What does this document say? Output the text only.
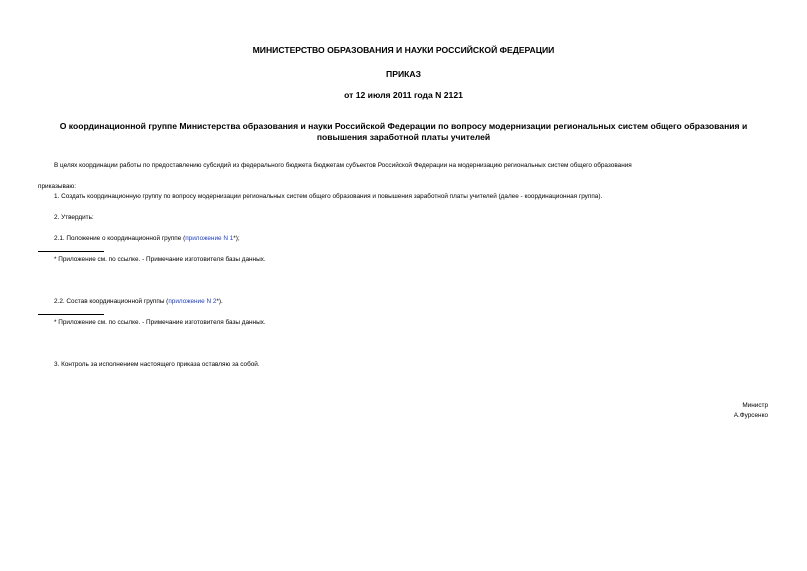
МИНИСТЕРСТВО ОБРАЗОВАНИЯ И НАУКИ РОССИЙСКОЙ ФЕДЕРАЦИИ
ПРИКАЗ
от 12 июля 2011 года N 2121
О координационной группе Министерства образования и науки Российской Федерации по вопросу модернизации региональных систем общего образования и
повышения заработной платы учителей
В целях координации работы по предоставлению субсидий из федерального бюджета бюджетам субъектов Российской Федерации на модернизацию региональных систем общего образования
приказываю:
1. Создать координационную группу по вопросу модернизации региональных систем общего образования и повышения заработной платы учителей (далее - координационная группа).
2. Утвердить:
2.1. Положение о координационной группе (приложение N 1*);
* Приложение см. по ссылке. - Примечание изготовителя базы данных.
2.2. Состав координационной группы (приложение N 2*).
* Приложение см. по ссылке. - Примечание изготовителя базы данных.
3. Контроль за исполнением настоящего приказа оставляю за собой.
Министр
А.Фурсенко
